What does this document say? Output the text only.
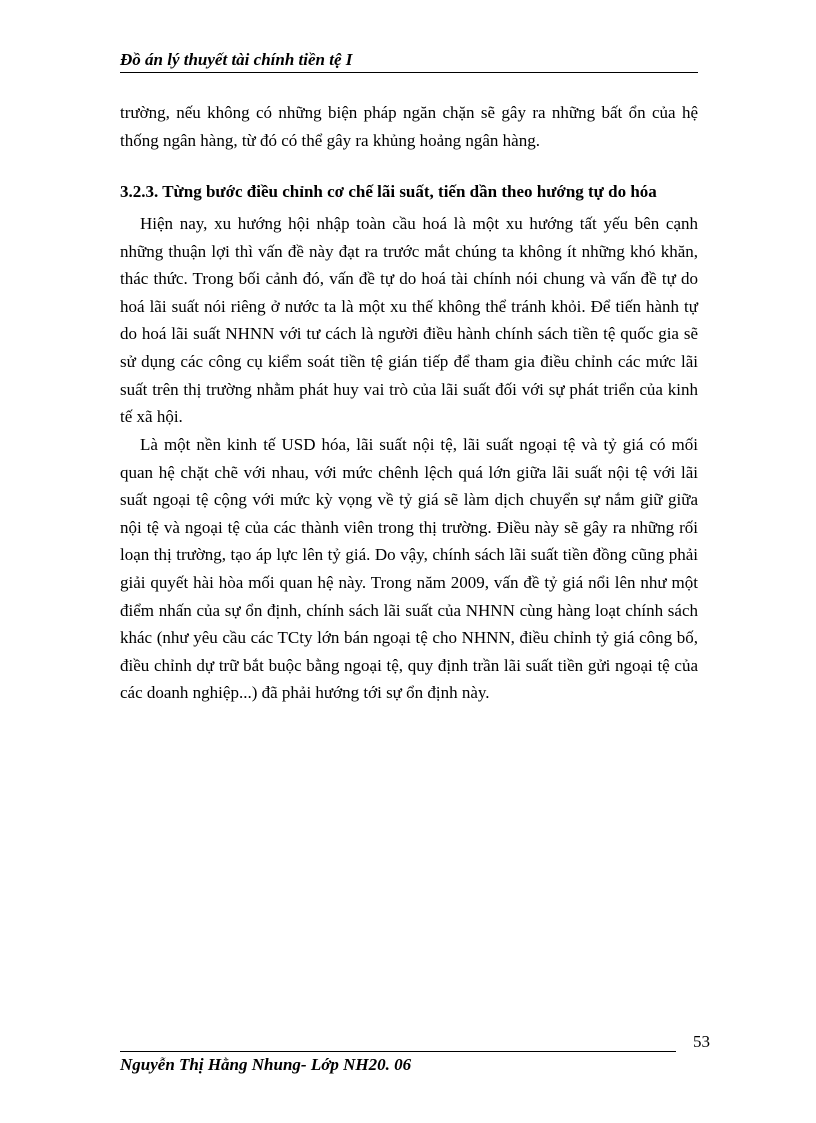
Đồ án lý thuyết tài chính tiền tệ I

trường, nếu không có những biện pháp ngăn chặn sẽ gây ra những bất ổn của hệ thống ngân hàng, từ đó có thể gây ra khủng hoảng ngân hàng.

3.2.3. Từng bước điều chỉnh cơ chế lãi suất, tiến dần theo hướng tự do hóa

Hiện nay, xu hướng hội nhập toàn cầu hoá là một xu hướng tất yếu bên cạnh những thuận lợi thì vấn đề này đạt ra trước mắt chúng ta không ít những khó khăn, thác thức. Trong bối cảnh đó, vấn đề tự do hoá tài chính nói chung và vấn đề tự do hoá lãi suất nói riêng ở nước ta là một xu thế không thể tránh khỏi. Để tiến hành tự do hoá lãi suất NHNN với tư cách là người điều hành chính sách tiền tệ quốc gia sẽ sử dụng các công cụ kiểm soát tiền tệ gián tiếp để tham gia điều chỉnh các mức lãi suất trên thị trường nhằm phát huy vai trò của lãi suất đối với sự phát triển của kinh tế xã hội.

Là một nền kinh tế USD hóa, lãi suất nội tệ, lãi suất ngoại tệ và tỷ giá có mối quan hệ chặt chẽ với nhau, với mức chênh lệch quá lớn giữa lãi suất nội tệ với lãi suất ngoại tệ cộng với mức kỳ vọng về tỷ giá sẽ làm dịch chuyển sự nắm giữ giữa nội tệ và ngoại tệ của các thành viên trong thị trường. Điều này sẽ gây ra những rối loạn thị trường, tạo áp lực lên tỷ giá. Do vậy, chính sách lãi suất tiền đồng cũng phải giải quyết hài hòa mối quan hệ này. Trong năm 2009, vấn đề tỷ giá nổi lên như một điểm nhấn của sự ổn định, chính sách lãi suất của NHNN cùng hàng loạt chính sách khác (như yêu cầu các TCty lớn bán ngoại tệ cho NHNN, điều chỉnh tỷ giá công bố, điều chỉnh dự trữ bắt buộc bằng ngoại tệ, quy định trần lãi suất tiền gửi ngoại tệ của các doanh nghiệp...) đã phải hướng tới sự ổn định này.

53
Nguyễn Thị Hằng Nhung- Lớp NH20. 06
